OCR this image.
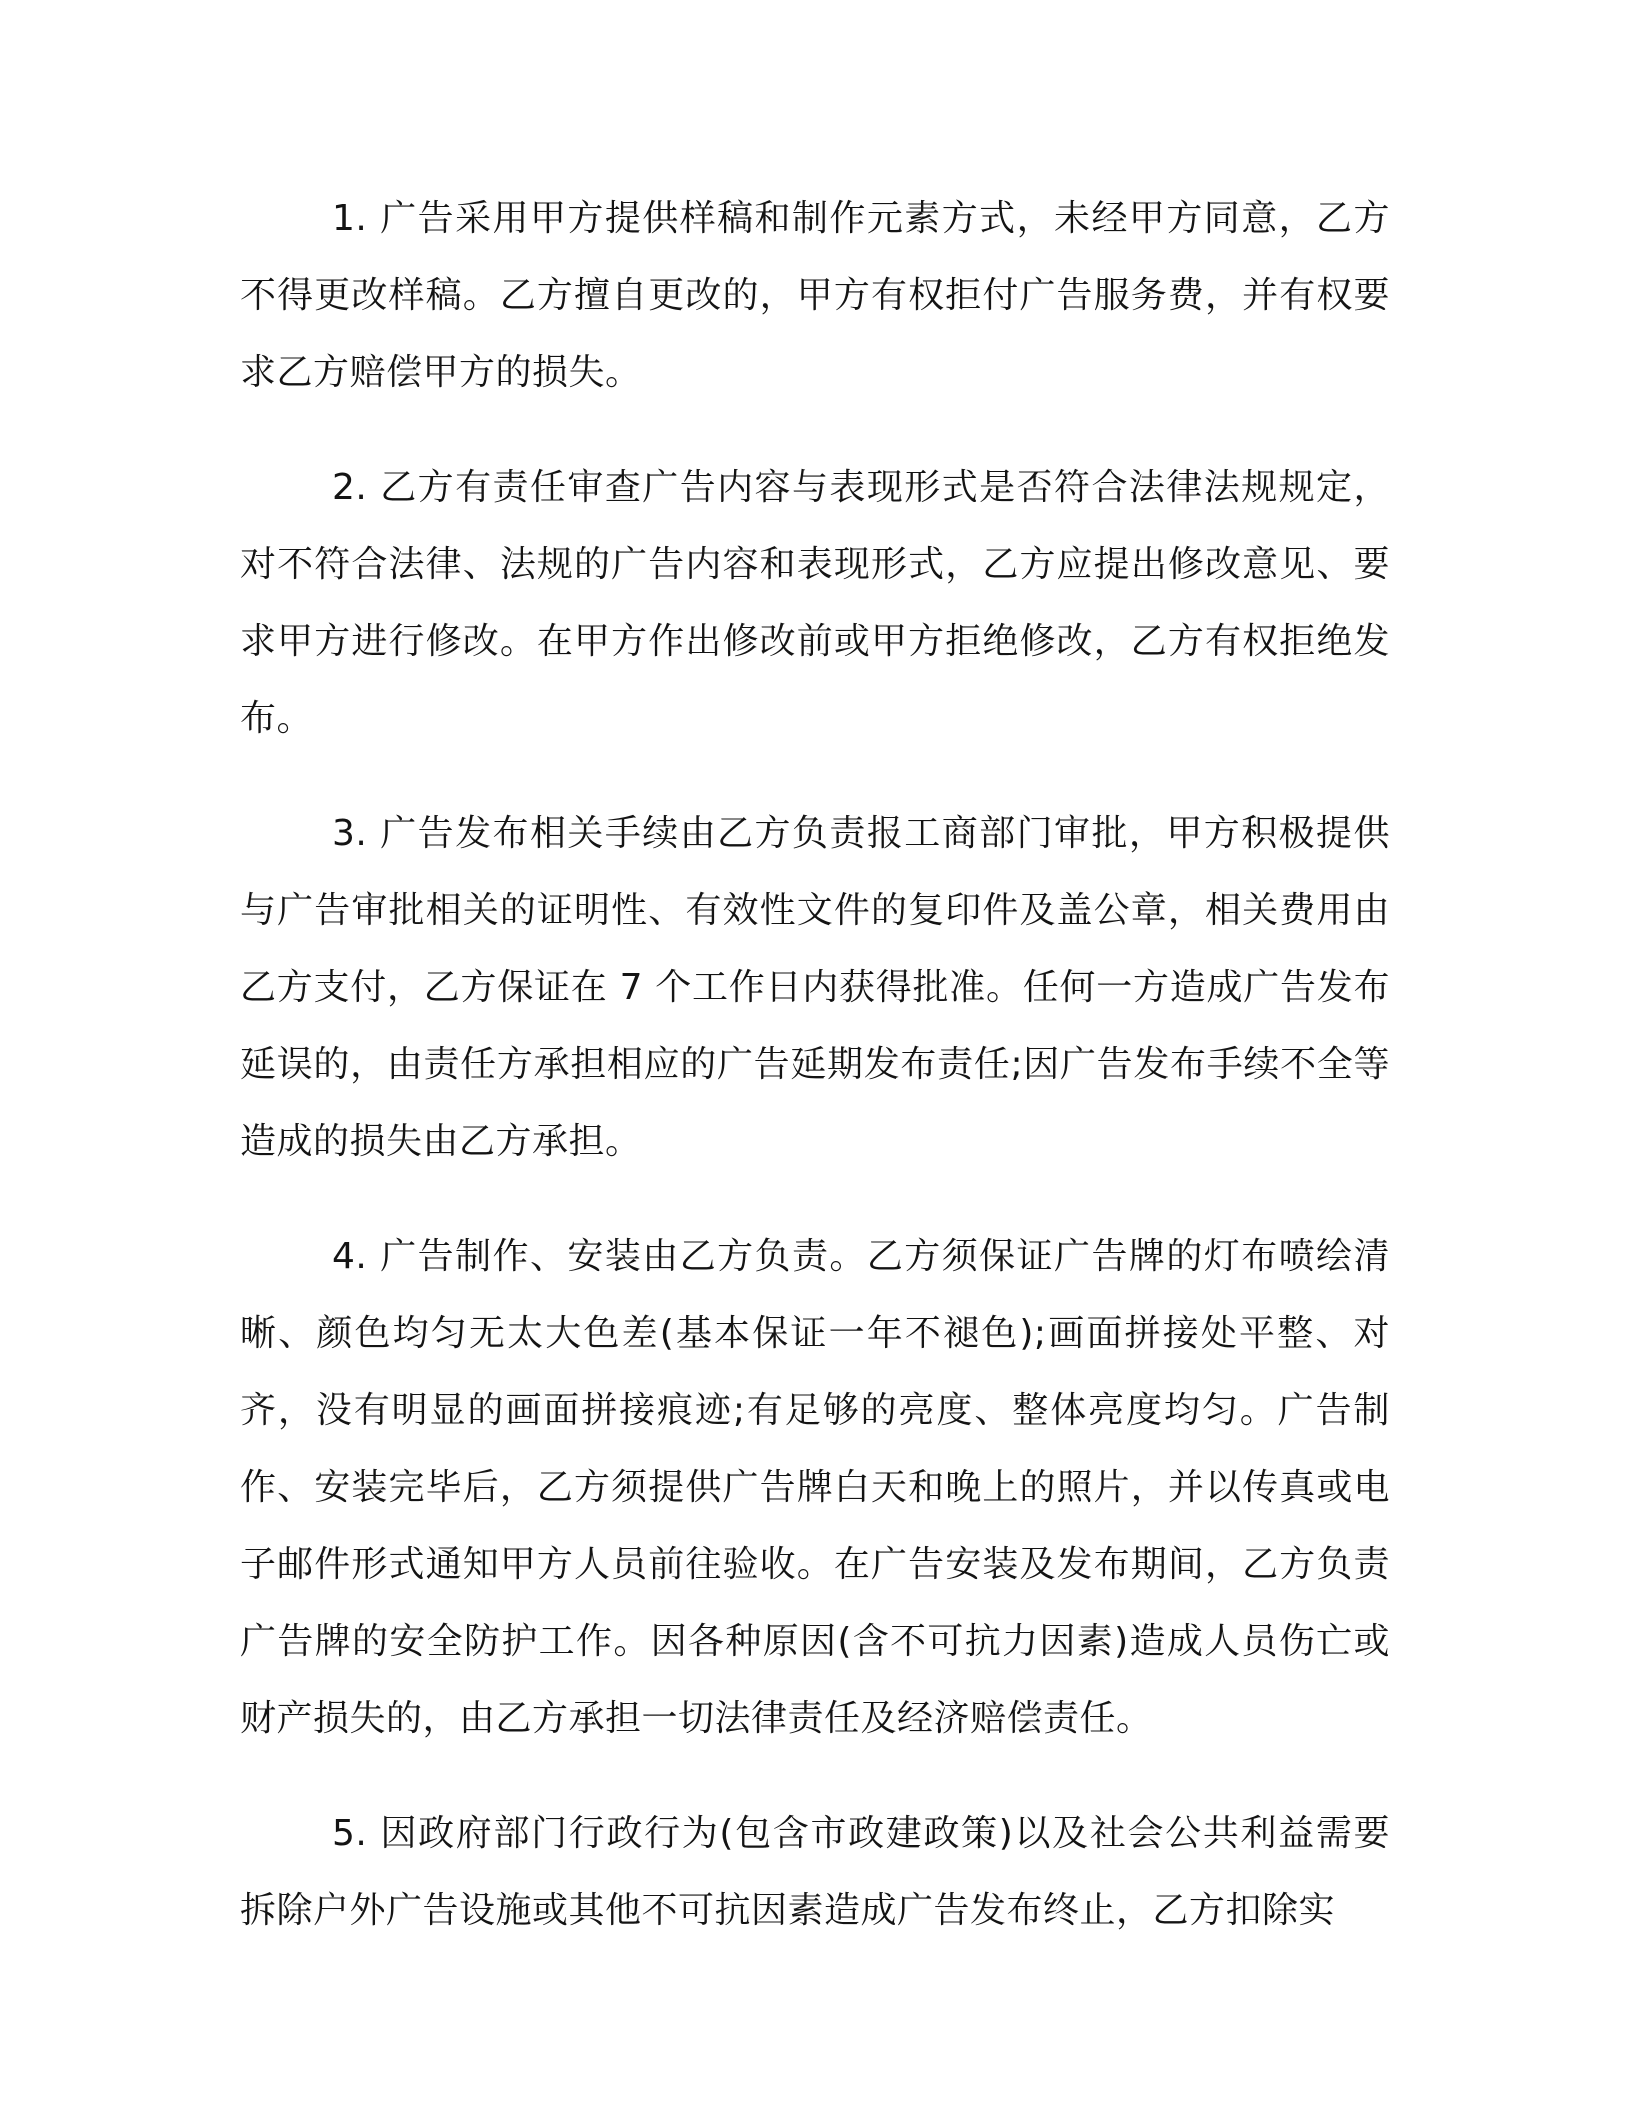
1. 广告采用甲方提供样稿和制作元素方式，未经甲方同意，乙方不得更改样稿。乙方擅自更改的，甲方有权拒付广告服务费，并有权要求乙方赔偿甲方的损失。

2. 乙方有责任审查广告内容与表现形式是否符合法律法规规定，对不符合法律、法规的广告内容和表现形式，乙方应提出修改意见、要求甲方进行修改。在甲方作出修改前或甲方拒绝修改，乙方有权拒绝发布。

3. 广告发布相关手续由乙方负责报工商部门审批，甲方积极提供与广告审批相关的证明性、有效性文件的复印件及盖公章，相关费用由乙方支付，乙方保证在 7 个工作日内获得批准。任何一方造成广告发布延误的，由责任方承担相应的广告延期发布责任;因广告发布手续不全等造成的损失由乙方承担。

4. 广告制作、安装由乙方负责。乙方须保证广告牌的灯布喷绘清晰、颜色均匀无太大色差(基本保证一年不褪色);画面拼接处平整、对齐，没有明显的画面拼接痕迹;有足够的亮度、整体亮度均匀。广告制作、安装完毕后，乙方须提供广告牌白天和晚上的照片，并以传真或电子邮件形式通知甲方人员前往验收。在广告安装及发布期间，乙方负责广告牌的安全防护工作。因各种原因(含不可抗力因素)造成人员伤亡或财产损失的，由乙方承担一切法律责任及经济赔偿责任。

5. 因政府部门行政行为(包含市政建政策)以及社会公共利益需要拆除户外广告设施或其他不可抗因素造成广告发布终止，乙方扣除实
